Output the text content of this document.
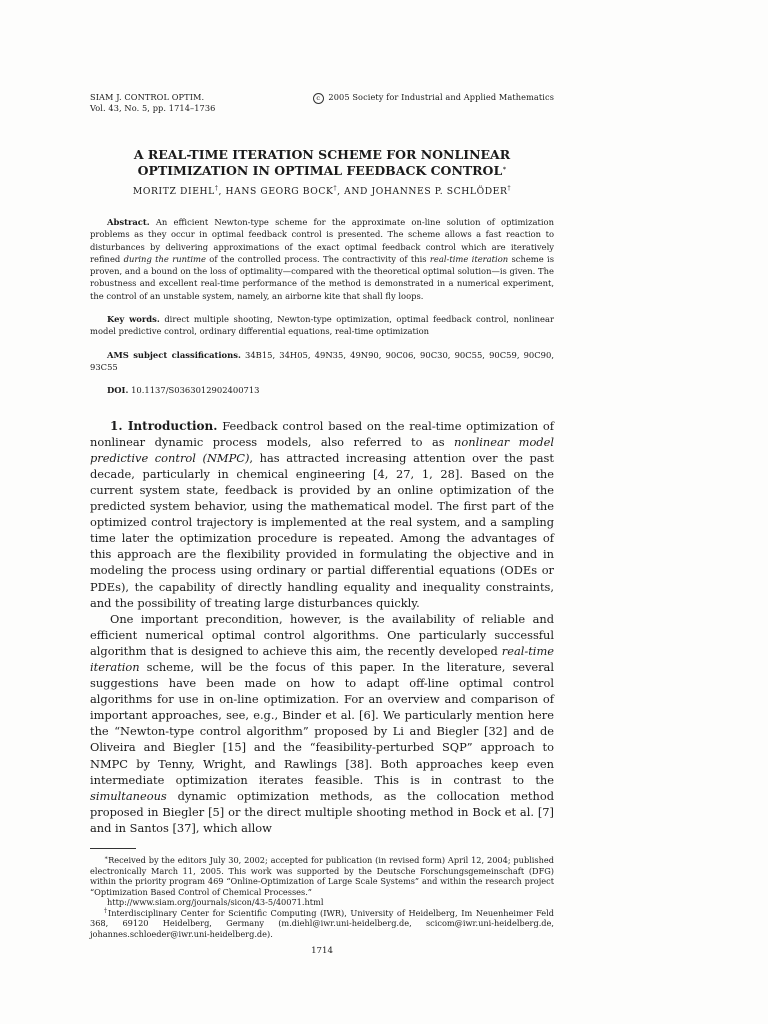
SIAM J. CONTROL OPTIM.
Vol. 43, No. 5, pp. 1714–1736
c 2005 Society for Industrial and Applied Mathematics
A REAL-TIME ITERATION SCHEME FOR NONLINEAR
OPTIMIZATION IN OPTIMAL FEEDBACK CONTROL∗
MORITZ DIEHL†, HANS GEORG BOCK†, AND JOHANNES P. SCHLÖDER†
Abstract. An efficient Newton-type scheme for the approximate on-line solution of optimization problems as they occur in optimal feedback control is presented. The scheme allows a fast reaction to disturbances by delivering approximations of the exact optimal feedback control which are iteratively refined during the runtime of the controlled process. The contractivity of this real-time iteration scheme is proven, and a bound on the loss of optimality—compared with the theoretical optimal solution—is given. The robustness and excellent real-time performance of the method is demonstrated in a numerical experiment, the control of an unstable system, namely, an airborne kite that shall fly loops.
Key words. direct multiple shooting, Newton-type optimization, optimal feedback control, nonlinear model predictive control, ordinary differential equations, real-time optimization
AMS subject classifications. 34B15, 34H05, 49N35, 49N90, 90C06, 90C30, 90C55, 90C59, 90C90, 93C55
DOI. 10.1137/S0363012902400713

1. Introduction. Feedback control based on the real-time optimization of nonlinear dynamic process models, also referred to as nonlinear model predictive control (NMPC), has attracted increasing attention over the past decade, particularly in chemical engineering [4, 27, 1, 28]. Based on the current system state, feedback is provided by an online optimization of the predicted system behavior, using the mathematical model. The first part of the optimized control trajectory is implemented at the real system, and a sampling time later the optimization procedure is repeated. Among the advantages of this approach are the flexibility provided in formulating the objective and in modeling the process using ordinary or partial differential equations (ODEs or PDEs), the capability of directly handling equality and inequality constraints, and the possibility of treating large disturbances quickly.

One important precondition, however, is the availability of reliable and efficient numerical optimal control algorithms. One particularly successful algorithm that is designed to achieve this aim, the recently developed real-time iteration scheme, will be the focus of this paper. In the literature, several suggestions have been made on how to adapt off-line optimal control algorithms for use in on-line optimization. For an overview and comparison of important approaches, see, e.g., Binder et al. [6]. We particularly mention here the “Newton-type control algorithm” proposed by Li and Biegler [32] and de Oliveira and Biegler [15] and the “feasibility-perturbed SQP” approach to NMPC by Tenny, Wright, and Rawlings [38]. Both approaches keep even intermediate optimization iterates feasible. This is in contrast to the simultaneous dynamic optimization methods, as the collocation method proposed in Biegler [5] or the direct multiple shooting method in Bock et al. [7] and in Santos [37], which allow

∗Received by the editors July 30, 2002; accepted for publication (in revised form) April 12, 2004; published electronically March 11, 2005. This work was supported by the Deutsche Forschungsgemeinschaft (DFG) within the priority program 469 “Online-Optimization of Large Scale Systems” and within the research project “Optimization Based Control of Chemical Processes.”

http://www.siam.org/journals/sicon/43-5/40071.html

†Interdisciplinary Center for Scientific Computing (IWR), University of Heidelberg, Im Neuenheimer Feld 368, 69120 Heidelberg, Germany (m.diehl@iwr.uni-heidelberg.de, scicom@iwr.uni-heidelberg.de, johannes.schloeder@iwr.uni-heidelberg.de).

1714
